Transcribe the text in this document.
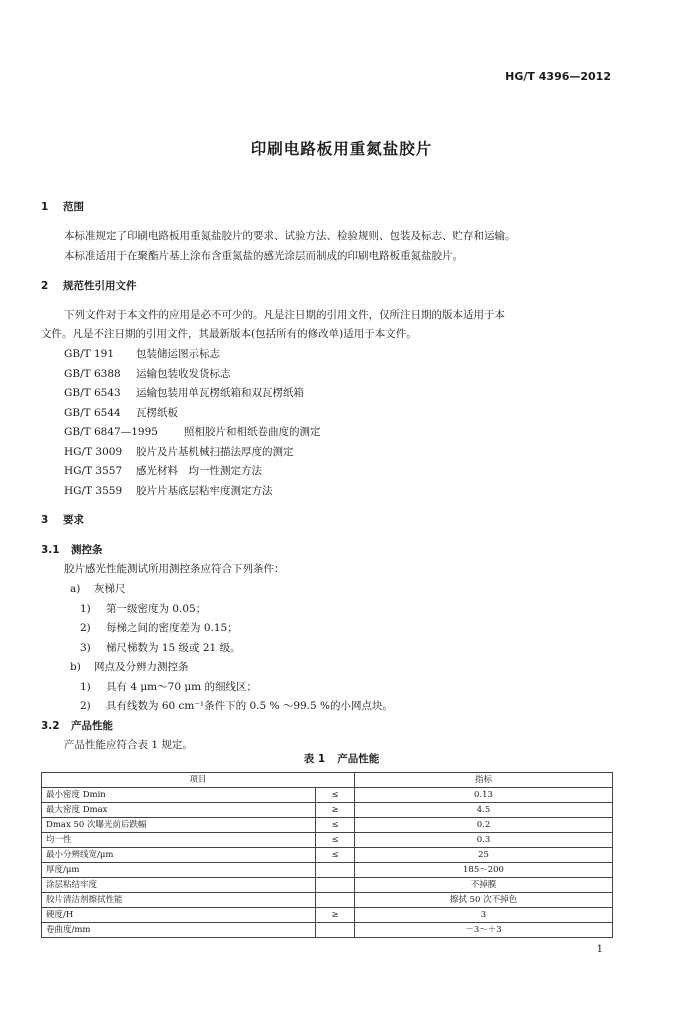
HG/T 4396—2012
印刷电路板用重氮盐胶片
1 范围
本标准规定了印刷电路板用重氮盐胶片的要求、试验方法、检验规则、包装及标志、贮存和运输。
本标准适用于在聚酯片基上涂布含重氮盐的感光涂层而制成的印刷电路板重氮盐胶片。
2 规范性引用文件
下列文件对于本文件的应用是必不可少的。凡是注日期的引用文件，仅所注日期的版本适用于本
文件。凡是不注日期的引用文件，其最新版本(包括所有的修改单)适用于本文件。
GB/T 191 包装储运图示标志
GB/T 6388 运输包装收发货标志
GB/T 6543 运输包装用单瓦楞纸箱和双瓦楞纸箱
GB/T 6544 瓦楞纸板
GB/T 6847—1995 照相胶片和相纸卷曲度的测定
HG/T 3009 胶片及片基机械扫描法厚度的测定
HG/T 3557 感光材料　均一性测定方法
HG/T 3559 胶片片基底层粘牢度测定方法
3 要求
3.1 测控条
胶片感光性能测试所用测控条应符合下列条件：
a) 灰梯尺
1) 第一级密度为 0.05；
2) 每梯之间的密度差为 0.15；
3) 梯尺梯数为 15 级或 21 级。
b) 网点及分辨力测控条
1) 具有 4 μm～70 μm 的细线区；
2) 具有线数为 60 cm⁻¹条件下的 0.5 % ～99.5 %的小网点块。
3.2 产品性能
产品性能应符合表 1 规定。
表 1 产品性能
项目		指标
最小密度 Dmin	≤	0.13
最大密度 Dmax	≥	4.5
Dmax 50 次曝光前后跌幅	≤	0.2
均一性	≤	0.3
最小分辨线宽/μm	≤	25
厚度/μm		185～200
涂层粘结牢度		不掉膜
胶片清洁剂擦拭性能		擦拭 50 次不掉色
硬度/H	≥	3
卷曲度/mm		－3～＋3
1
